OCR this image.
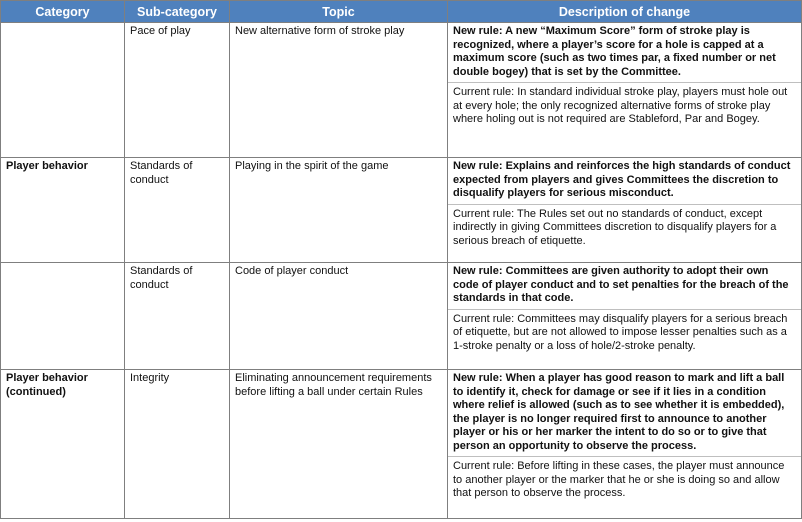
Category	Sub-category	Topic	Description of change
	Pace of play	New alternative form of stroke play	New rule: A new “Maximum Score” form of stroke play is recognized, where a player’s score for a hole is capped at a maximum score (such as two times par, a fixed number or net double bogey) that is set by the Committee.
Current rule: In standard individual stroke play, players must hole out at every hole; the only recognized alternative forms of stroke play where holing out is not required are Stableford, Par and Bogey.

Player behavior	Standards of conduct	Playing in the spirit of the game	New rule: Explains and reinforces the high standards of conduct expected from players and gives Committees the discretion to disqualify players for serious misconduct.
Current rule: The Rules set out no standards of conduct, except indirectly in giving Committees discretion to disqualify players for a serious breach of etiquette.

	Standards of conduct	Code of player conduct	New rule: Committees are given authority to adopt their own code of player conduct and to set penalties for the breach of the standards in that code.
Current rule: Committees may disqualify players for a serious breach of etiquette, but are not allowed to impose lesser penalties such as a 1-stroke penalty or a loss of hole/2-stroke penalty.

Player behavior (continued)	Integrity	Eliminating announcement requirements before lifting a ball under certain Rules	New rule: When a player has good reason to mark and lift a ball to identify it, check for damage or see if it lies in a condition where relief is allowed (such as to see whether it is embedded), the player is no longer required first to announce to another player or his or her marker the intent to do so or to give that person an opportunity to observe the process.
Current rule: Before lifting in these cases, the player must announce to another player or the marker that he or she is doing so and allow that person to observe the process.
